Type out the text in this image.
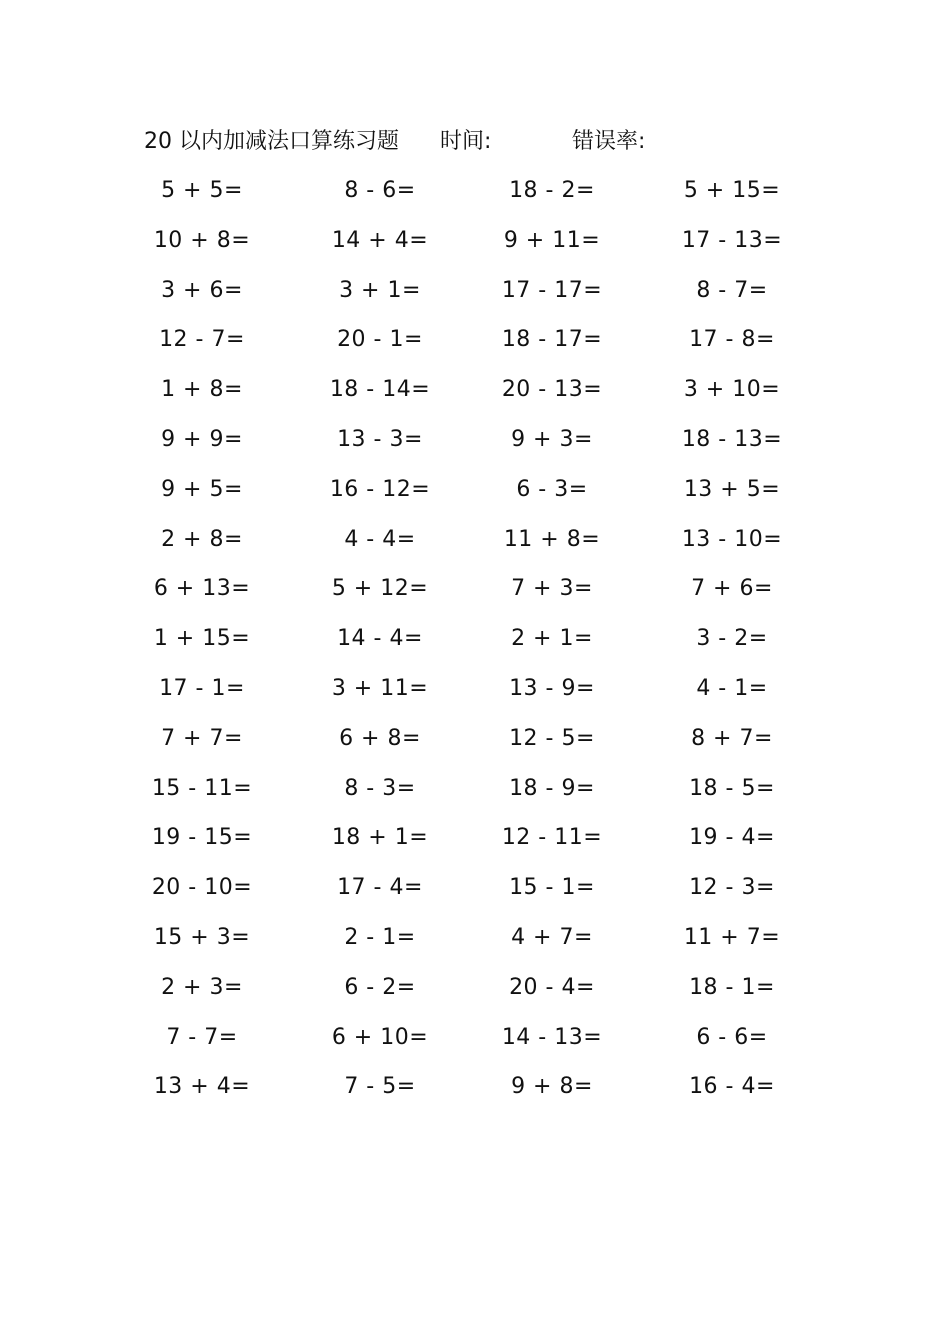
20 以内加减法口算练习题 时间:	错误率:
5 + 5=	8 - 6=	18 - 2=	5 + 15=
10 + 8=	14 + 4=	9 + 11=	17 - 13=
3 + 6=	3 + 1=	17 - 17=	8 - 7=
12 - 7=	20 - 1=	18 - 17=	17 - 8=
1 + 8=	18 - 14=	20 - 13=	3 + 10=
9 + 9=	13 - 3=	9 + 3=	18 - 13=
9 + 5=	16 - 12=	6 - 3=	13 + 5=
2 + 8=	4 - 4=	11 + 8=	13 - 10=
6 + 13=	5 + 12=	7 + 3=	7 + 6=
1 + 15=	14 - 4=	2 + 1=	3 - 2=
17 - 1=	3 + 11=	13 - 9=	4 - 1=
7 + 7=	6 + 8=	12 - 5=	8 + 7=
15 - 11=	8 - 3=	18 - 9=	18 - 5=
19 - 15=	18 + 1=	12 - 11=	19 - 4=
20 - 10=	17 - 4=	15 - 1=	12 - 3=
15 + 3=	2 - 1=	4 + 7=	11 + 7=
2 + 3=	6 - 2=	20 - 4=	18 - 1=
7 - 7=	6 + 10=	14 - 13=	6 - 6=
13 + 4=	7 - 5=	9 + 8=	16 - 4=
